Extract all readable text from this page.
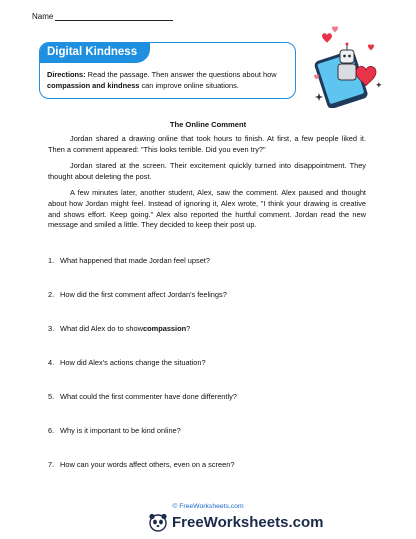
Name
Digital Kindness
Directions: Read the passage. Then answer the questions about how compassion and kindness can improve online situations.
The Online Comment

Jordan shared a drawing online that took hours to finish. At first, a few people liked it. Then a comment appeared: "This looks terrible. Did you even try?"

Jordan stared at the screen. Their excitement quickly turned into disappointment. They thought about deleting the post.

A few minutes later, another student, Alex, saw the comment. Alex paused and thought about how Jordan might feel. Instead of ignoring it, Alex wrote, "I think your drawing is creative and shows effort. Keep going." Alex also reported the hurtful comment. Jordan read the new message and smiled a little. They decided to keep their post up.

1. What happened that made Jordan feel upset?
2. How did the first comment affect Jordan's feelings?
3. What did Alex do to show compassion ?
4. How did Alex's actions change the situation?
5. What could the first commenter have done differently?
6. Why is it important to be kind online?
7. How can your words affect others, even on a screen?
© FreeWorksheets.com
FreeWorksheets.com
